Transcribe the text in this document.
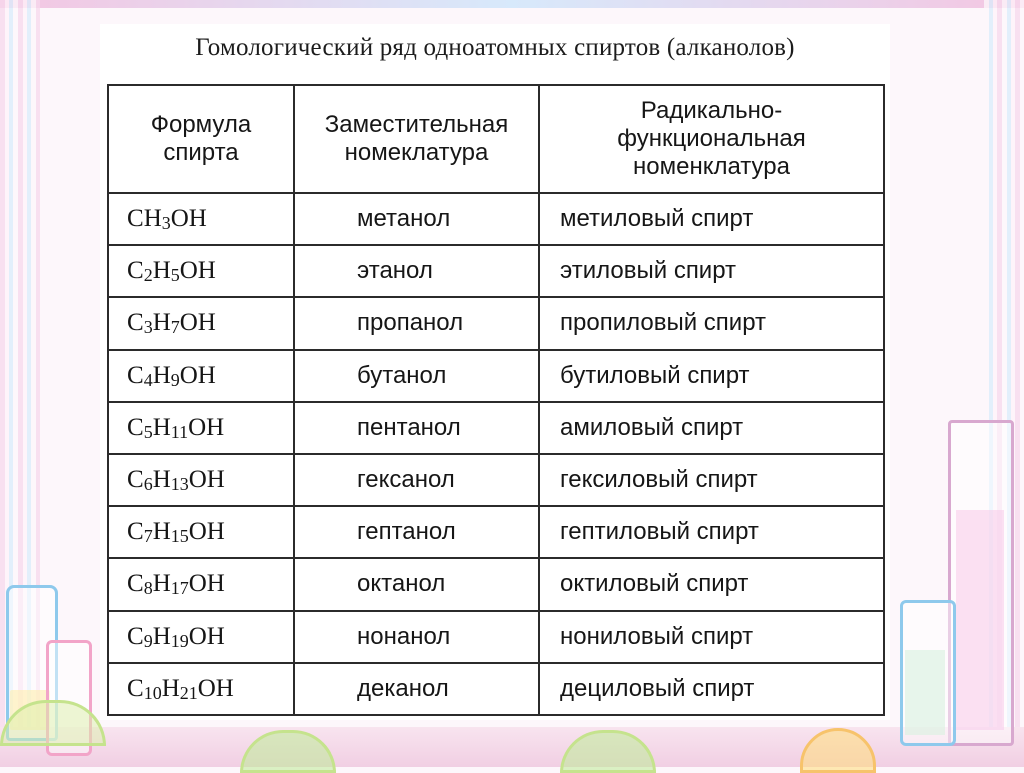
Гомологический ряд одноатомных спиртов (алканолов)
Формула спирта	Заместительная номеклатура	Радикально-функциональная номенклатура
$CH_3OH$	метанол	метиловый спирт
$C_2H_5OH$	этанол	этиловый спирт
$C_3H_7OH$	пропанол	пропиловый спирт
$C_4H_9OH$	бутанол	бутиловый спирт
$C_5H_{11}OH$	пентанол	амиловый спирт
$C_6H_{13}OH$	гексанол	гексиловый спирт
$C_7H_{15}OH$	гептанол	гептиловый спирт
$C_8H_{17}OH$	октанол	октиловый спирт
$C_9H_{19}OH$	нонанол	нониловый спирт
$C_{10}H_{21}OH$	деканол	дециловый спирт
